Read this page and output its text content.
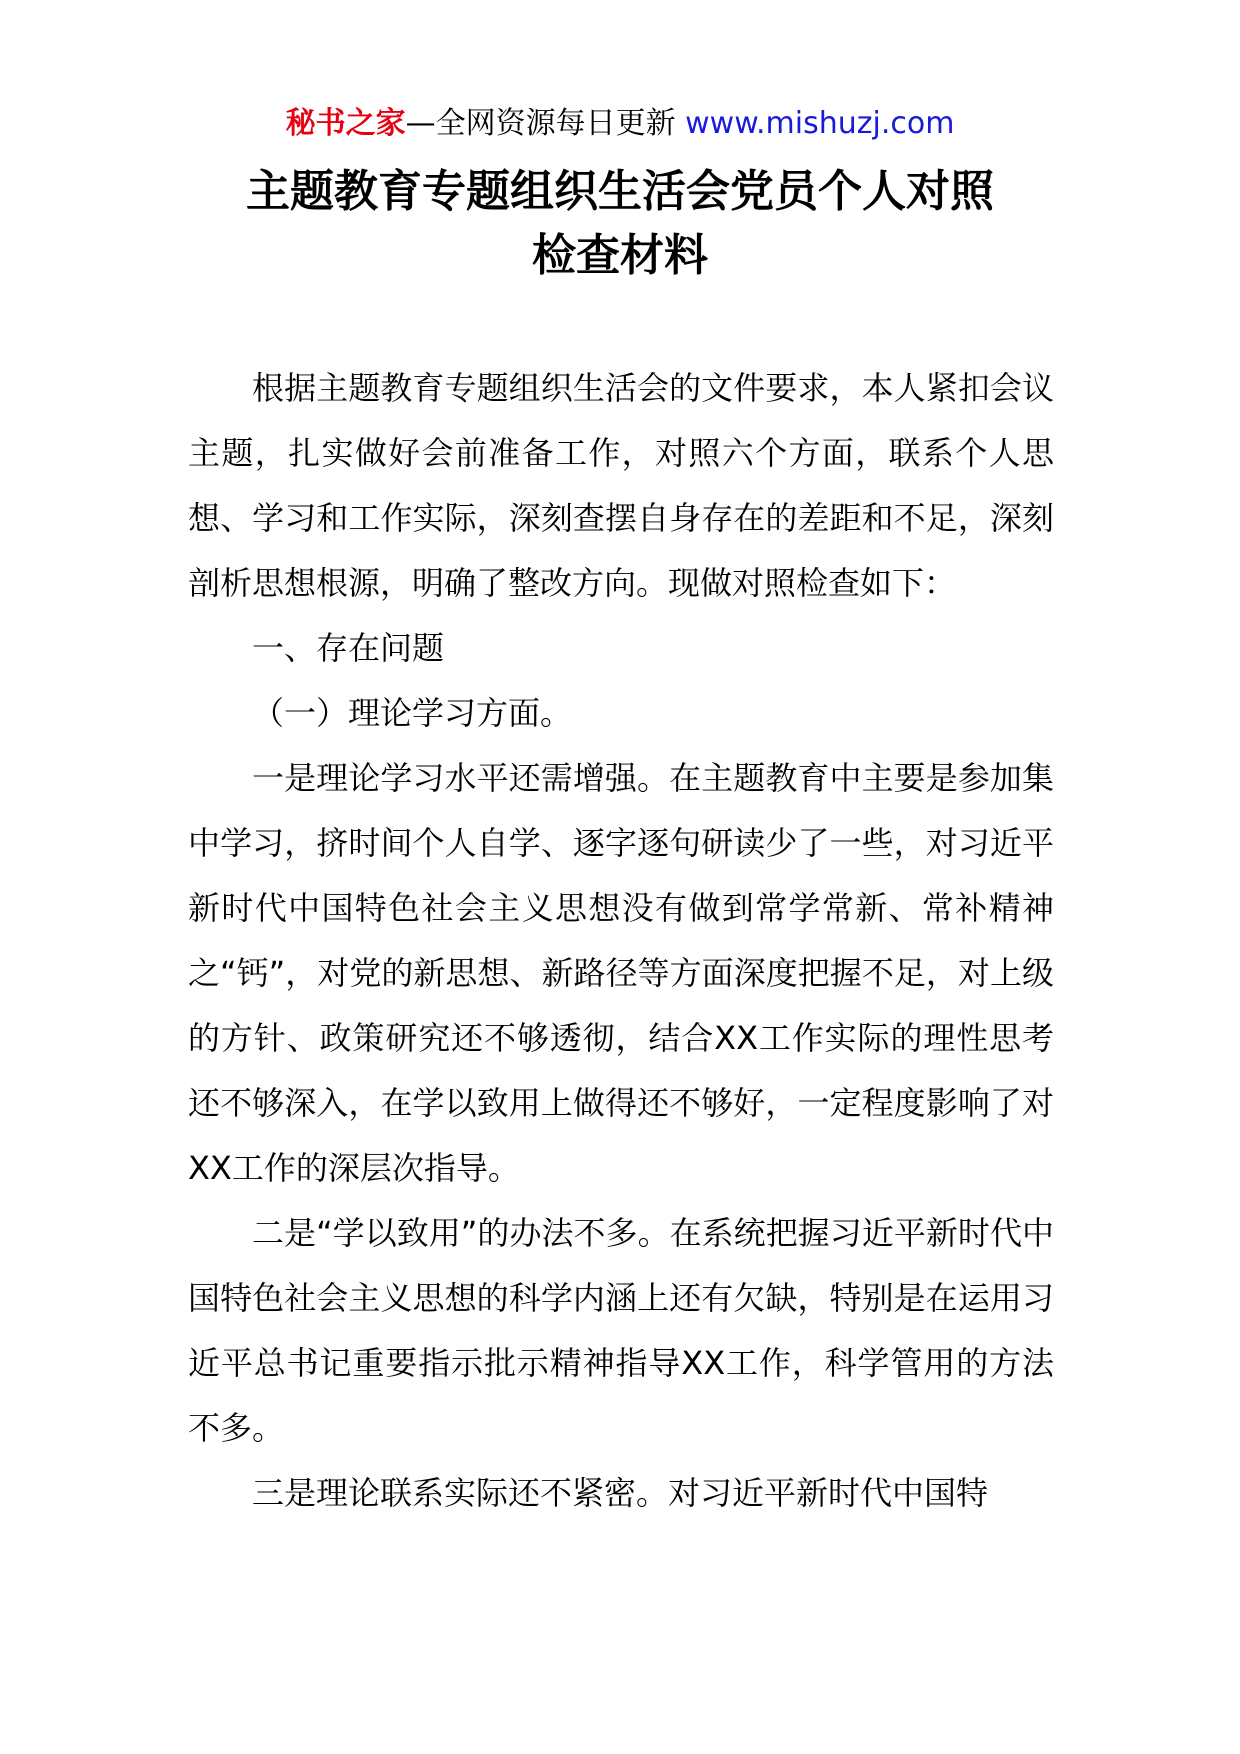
秘书之家—全网资源每日更新 www.mishuzj.com
主题教育专题组织生活会党员个人对照
检查材料

根据主题教育专题组织生活会的文件要求，本人紧扣会议主题，扎实做好会前准备工作，对照六个方面，联系个人思想、学习和工作实际，深刻查摆自身存在的差距和不足，深刻剖析思想根源，明确了整改方向。现做对照检查如下：

一、存在问题

（一）理论学习方面。

一是理论学习水平还需增强。在主题教育中主要是参加集中学习，挤时间个人自学、逐字逐句研读少了一些，对习近平新时代中国特色社会主义思想没有做到常学常新、常补精神之“钙”，对党的新思想、新路径等方面深度把握不足，对上级的方针、政策研究还不够透彻，结合XX工作实际的理性思考还不够深入，在学以致用上做得还不够好，一定程度影响了对XX工作的深层次指导。

二是“学以致用”的办法不多。在系统把握习近平新时代中国特色社会主义思想的科学内涵上还有欠缺，特别是在运用习近平总书记重要指示批示精神指导XX工作，科学管用的方法不多。

三是理论联系实际还不紧密。对习近平新时代中国特
